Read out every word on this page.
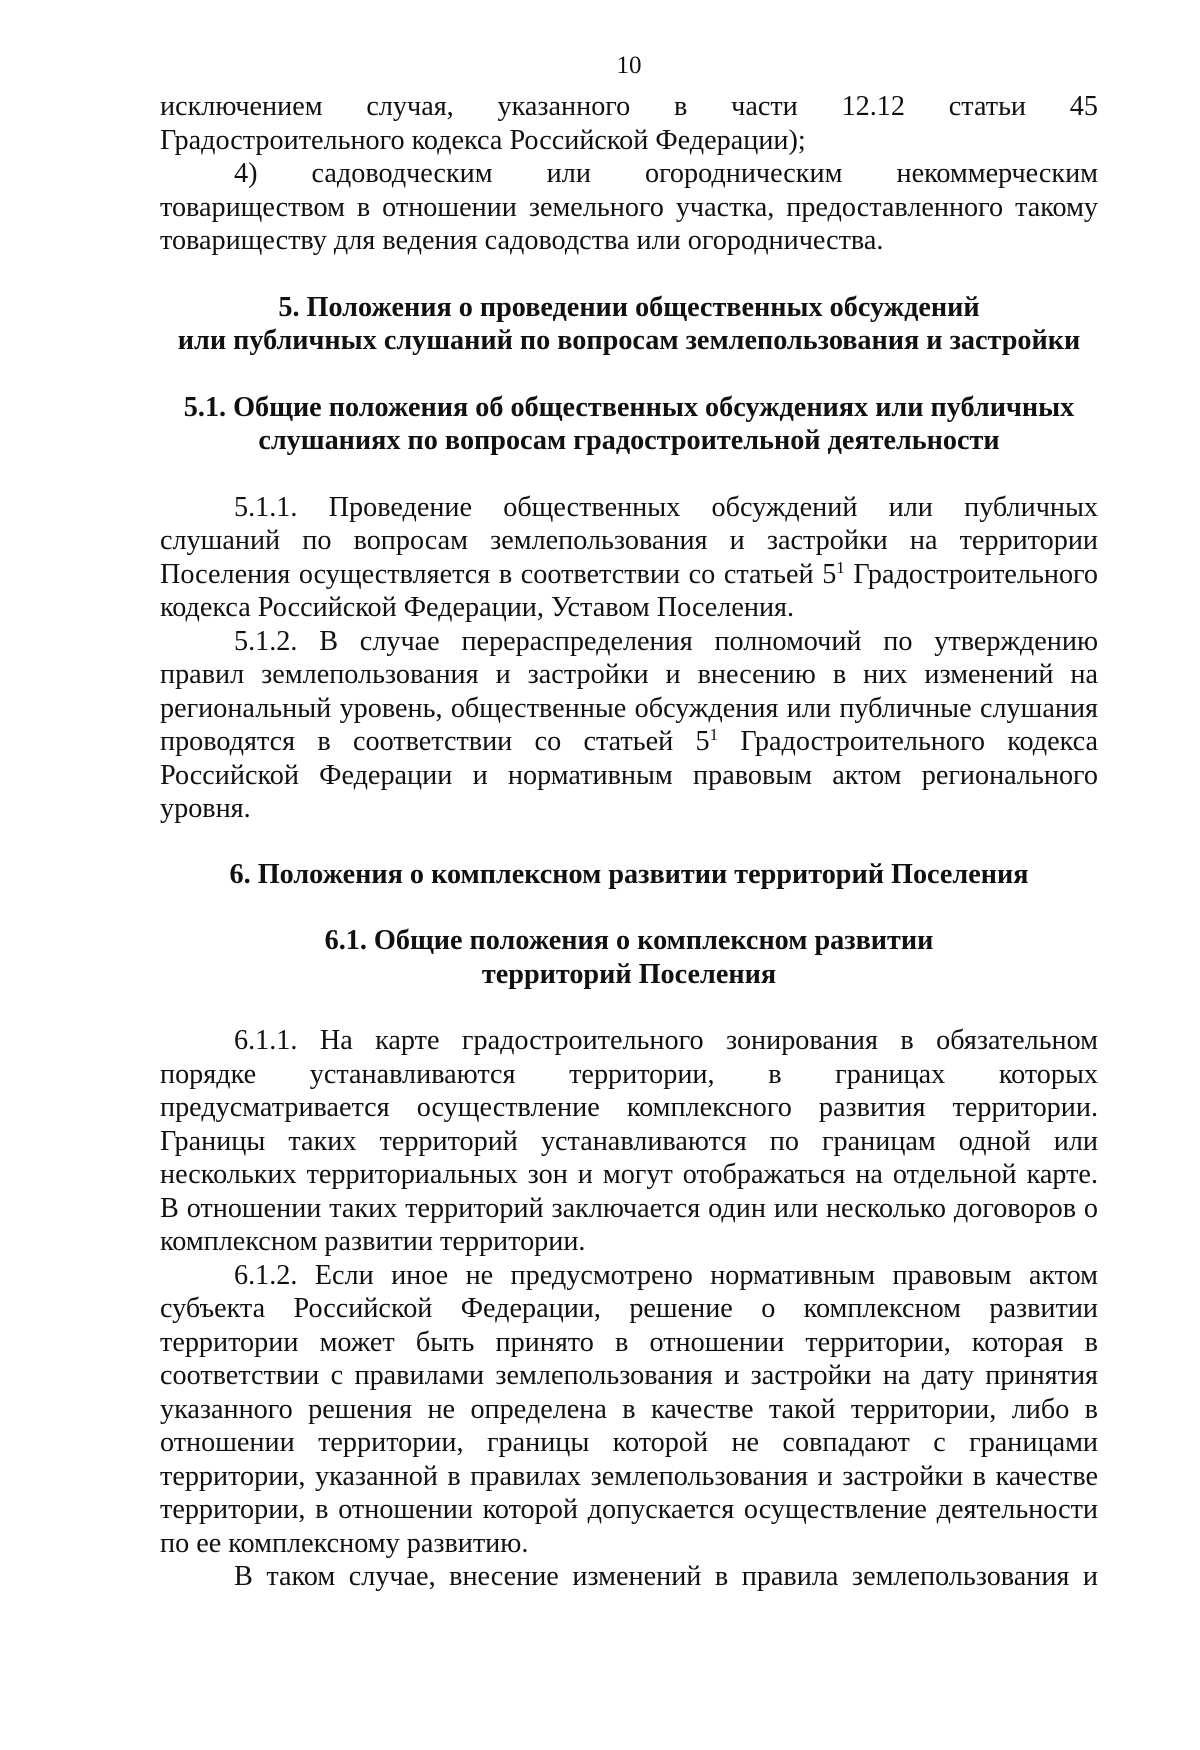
10

исключением случая, указанного в части 12.12 статьи 45

Градостроительного кодекса Российской Федерации);

4) садоводческим или огородническим некоммерческим товариществом в отношении земельного участка, предоставленного такому товариществу для ведения садоводства или огородничества.

5. Положения о проведении общественных обсуждений
или публичных слушаний по вопросам землепользования и застройки
5.1. Общие положения об общественных обсуждениях или публичных
слушаниях по вопросам градостроительной деятельности

5.1.1. Проведение общественных обсуждений или публичных слушаний по вопросам землепользования и застройки на территории Поселения осуществляется в соответствии со статьей $5^1$ Градостроительного кодекса Российской Федерации, Уставом Поселения.

5.1.2. В случае перераспределения полномочий по утверждению правил землепользования и застройки и внесению в них изменений на региональный уровень, общественные обсуждения или публичные слушания проводятся в соответствии со статьей $5^1$ Градостроительного кодекса Российской Федерации и нормативным правовым актом регионального уровня.

6. Положения о комплексном развитии территорий Поселения
6.1. Общие положения о комплексном развитии
территорий Поселения

6.1.1. На карте градостроительного зонирования в обязательном порядке устанавливаются территории, в границах которых предусматривается осуществление комплексного развития территории. Границы таких территорий устанавливаются по границам одной или нескольких территориальных зон и могут отображаться на отдельной карте. В отношении таких территорий заключается один или несколько договоров о комплексном развитии территории.

6.1.2. Если иное не предусмотрено нормативным правовым актом субъекта Российской Федерации, решение о комплексном развитии территории может быть принято в отношении территории, которая в соответствии с правилами землепользования и застройки на дату принятия указанного решения не определена в качестве такой территории, либо в отношении территории, границы которой не совпадают с границами территории, указанной в правилах землепользования и застройки в качестве территории, в отношении которой допускается осуществление деятельности по ее комплексному развитию.

В таком случае, внесение изменений в правила землепользования и
